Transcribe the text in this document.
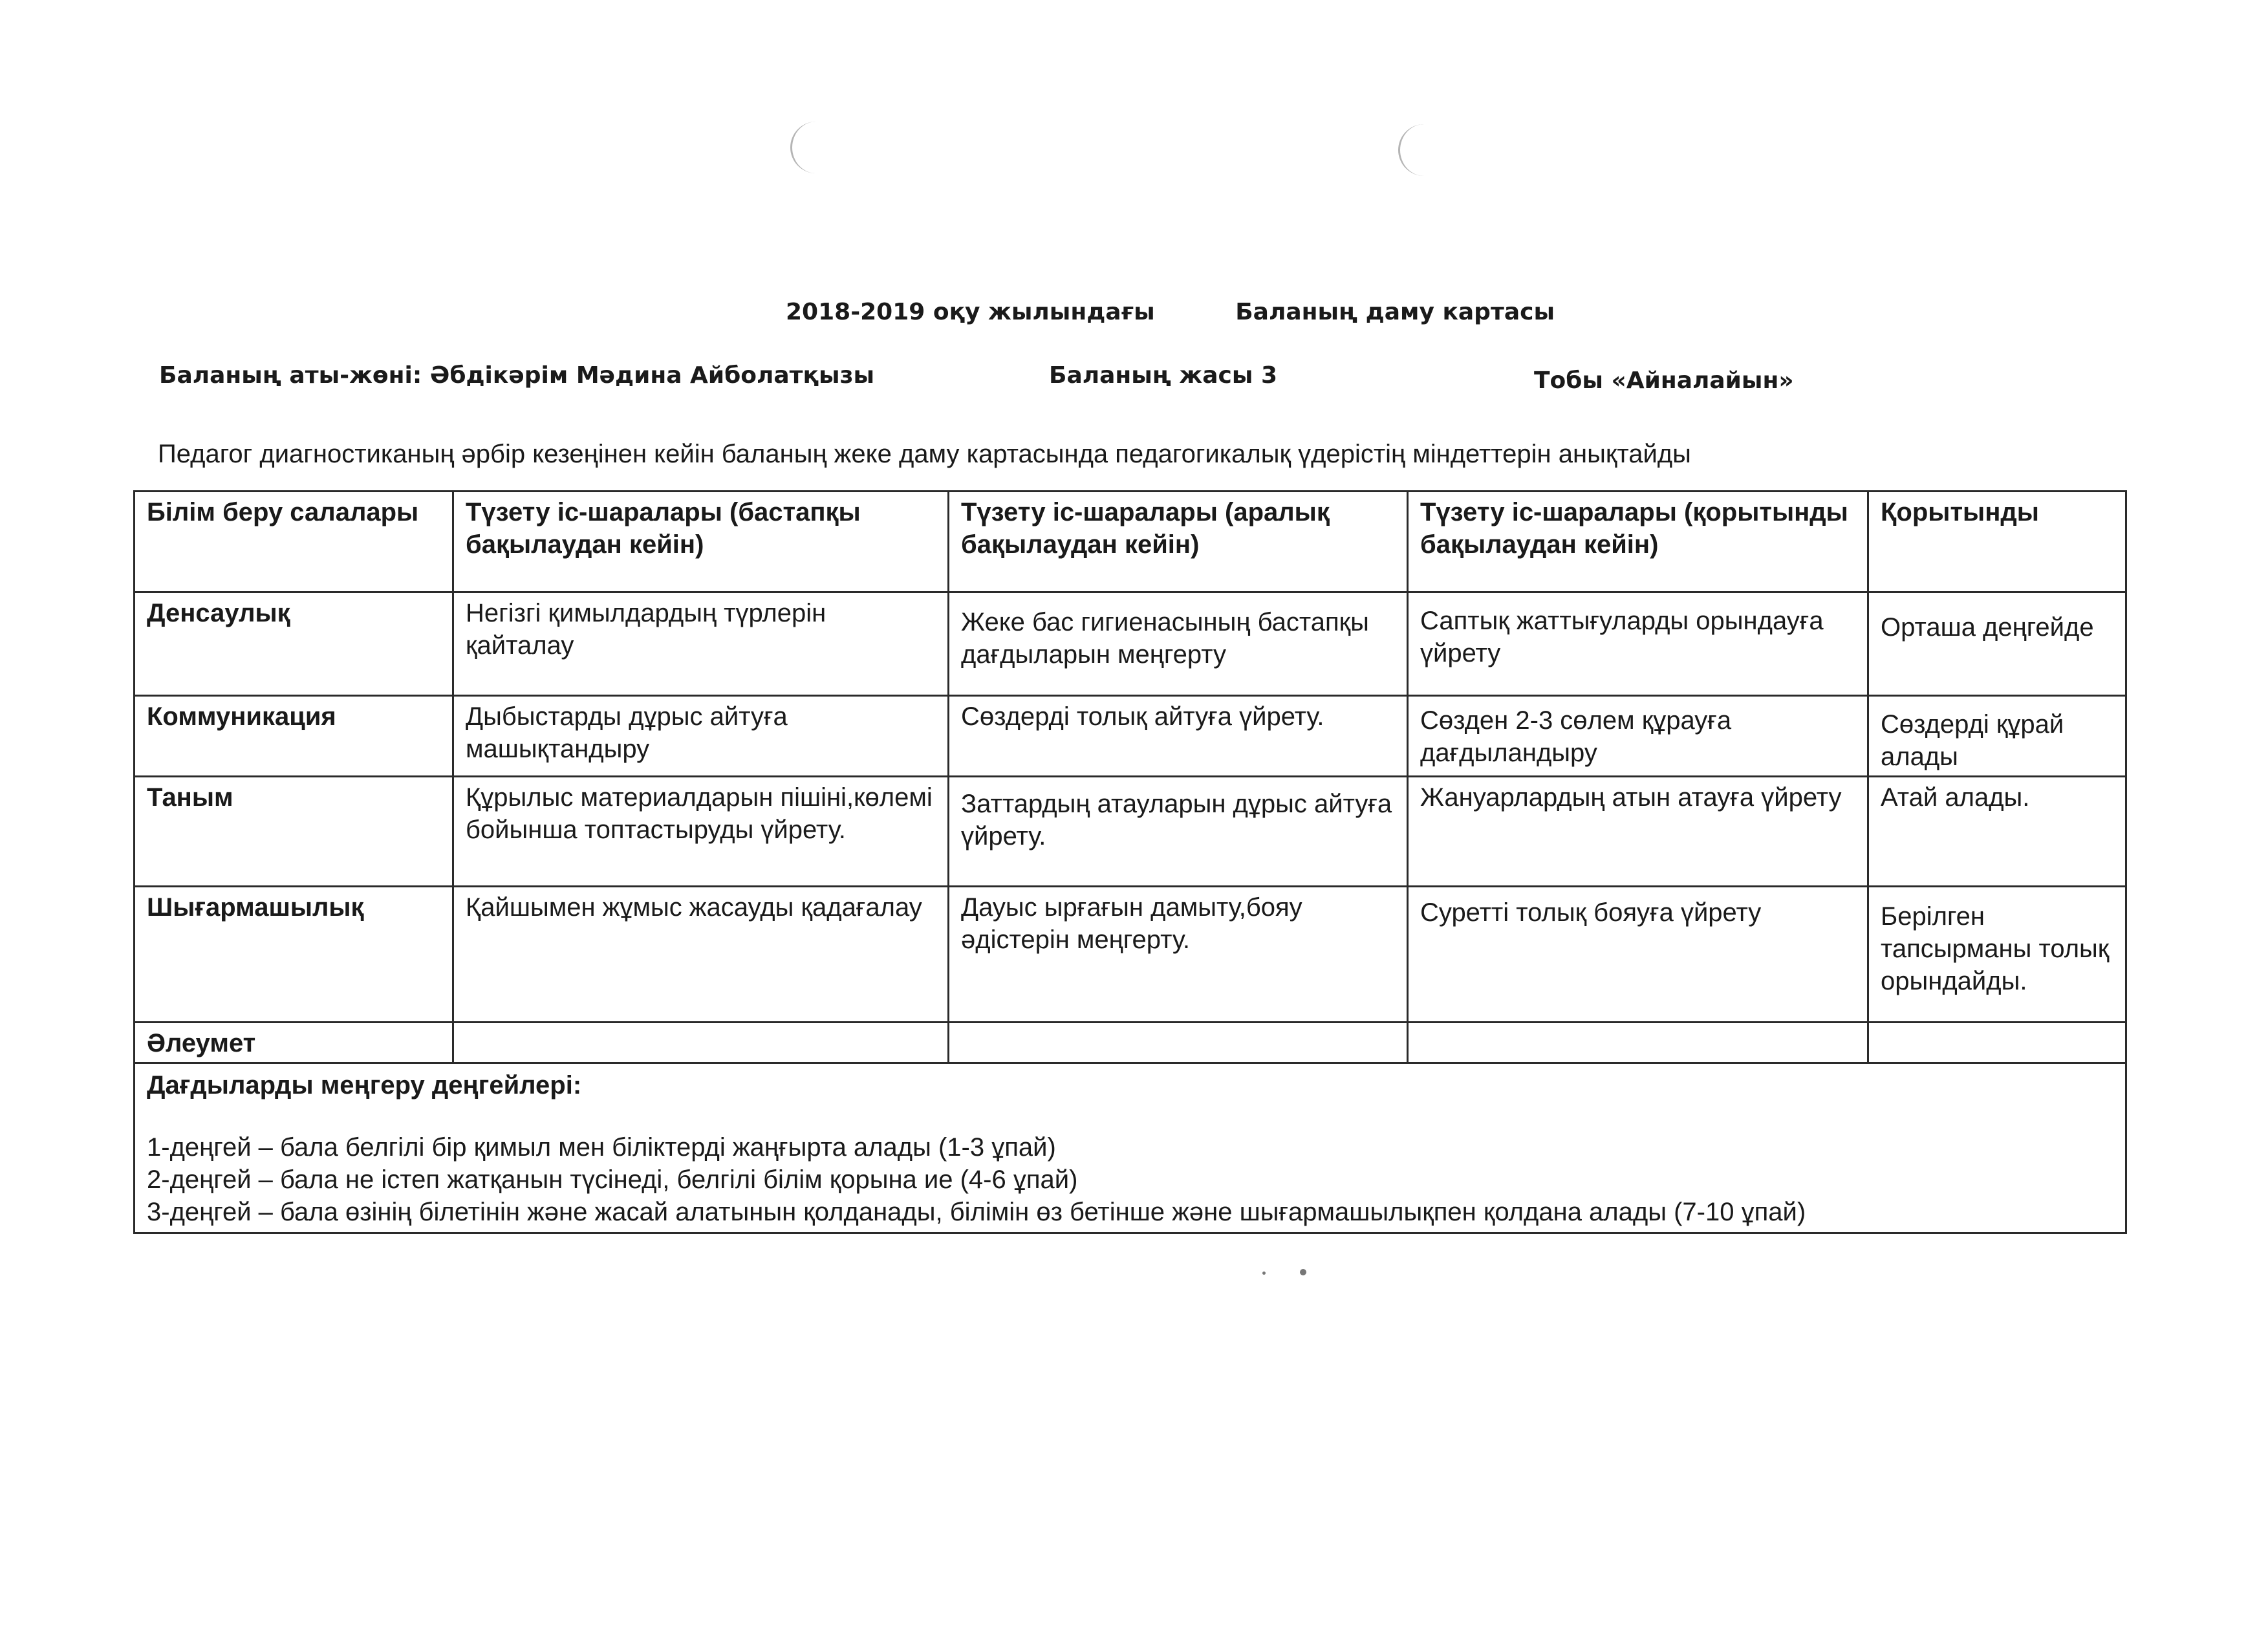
2018-2019 оқу жылындағы	Баланың даму картасы
Баланың аты-жөні: Әбдікәрім Мәдина Айболатқызы	Баланың жасы 3	Тобы «Айналайын»
Педагог диагностиканың әрбір кезеңінен кейін баланың жеке даму картасында педагогикалық үдерістің міндеттерін анықтайды
Білім беру салалары	Түзету іс-шаралары (бастапқы бақылаудан кейін)	Түзету іс-шаралары (аралық бақылаудан кейін)	Түзету іс-шаралары (қорытынды бақылаудан кейін)	Қорытынды
Денсаулық	Негізгі қимылдардың түрлерін қайталау	Жеке бас гигиенасының бастапқы дағдыларын меңгерту	Саптық жаттығуларды орындауға үйрету	Орташа деңгейде
Коммуникация	Дыбыстарды дұрыс айтуға машықтандыру	Сөздерді толық айтуға үйрету.	Сөзден 2-3 сөлем құрауға дағдыландыру	Сөздерді құрай алады
Таным	Құрылыс материалдарын пішіні,көлемі бойынша топтастыруды үйрету.	Заттардың атауларын дұрыс айтуға үйрету.	Жануарлардың атын атауға үйрету	Атай алады.
Шығармашылық	Қайшымен жұмыс жасауды қадағалау	Дауыс ырғағын дамыту,бояу әдістерін меңгерту.	Суретті толық бояуға үйрету	Берілген тапсырманы толық орындайды.
Әлеумет				

Дағдыларды меңгеру деңгейлері:
1-деңгей – бала белгілі бір қимыл мен біліктерді жаңғырта алады (1-3 ұпай)
2-деңгей – бала не істеп жатқанын түсінеді, белгілі білім қорына ие (4-6 ұпай)
3-деңгей – бала өзінің білетінін және жасай алатынын қолданады, білімін өз бетінше және шығармашылықпен қолдана алады (7-10 ұпай)				
